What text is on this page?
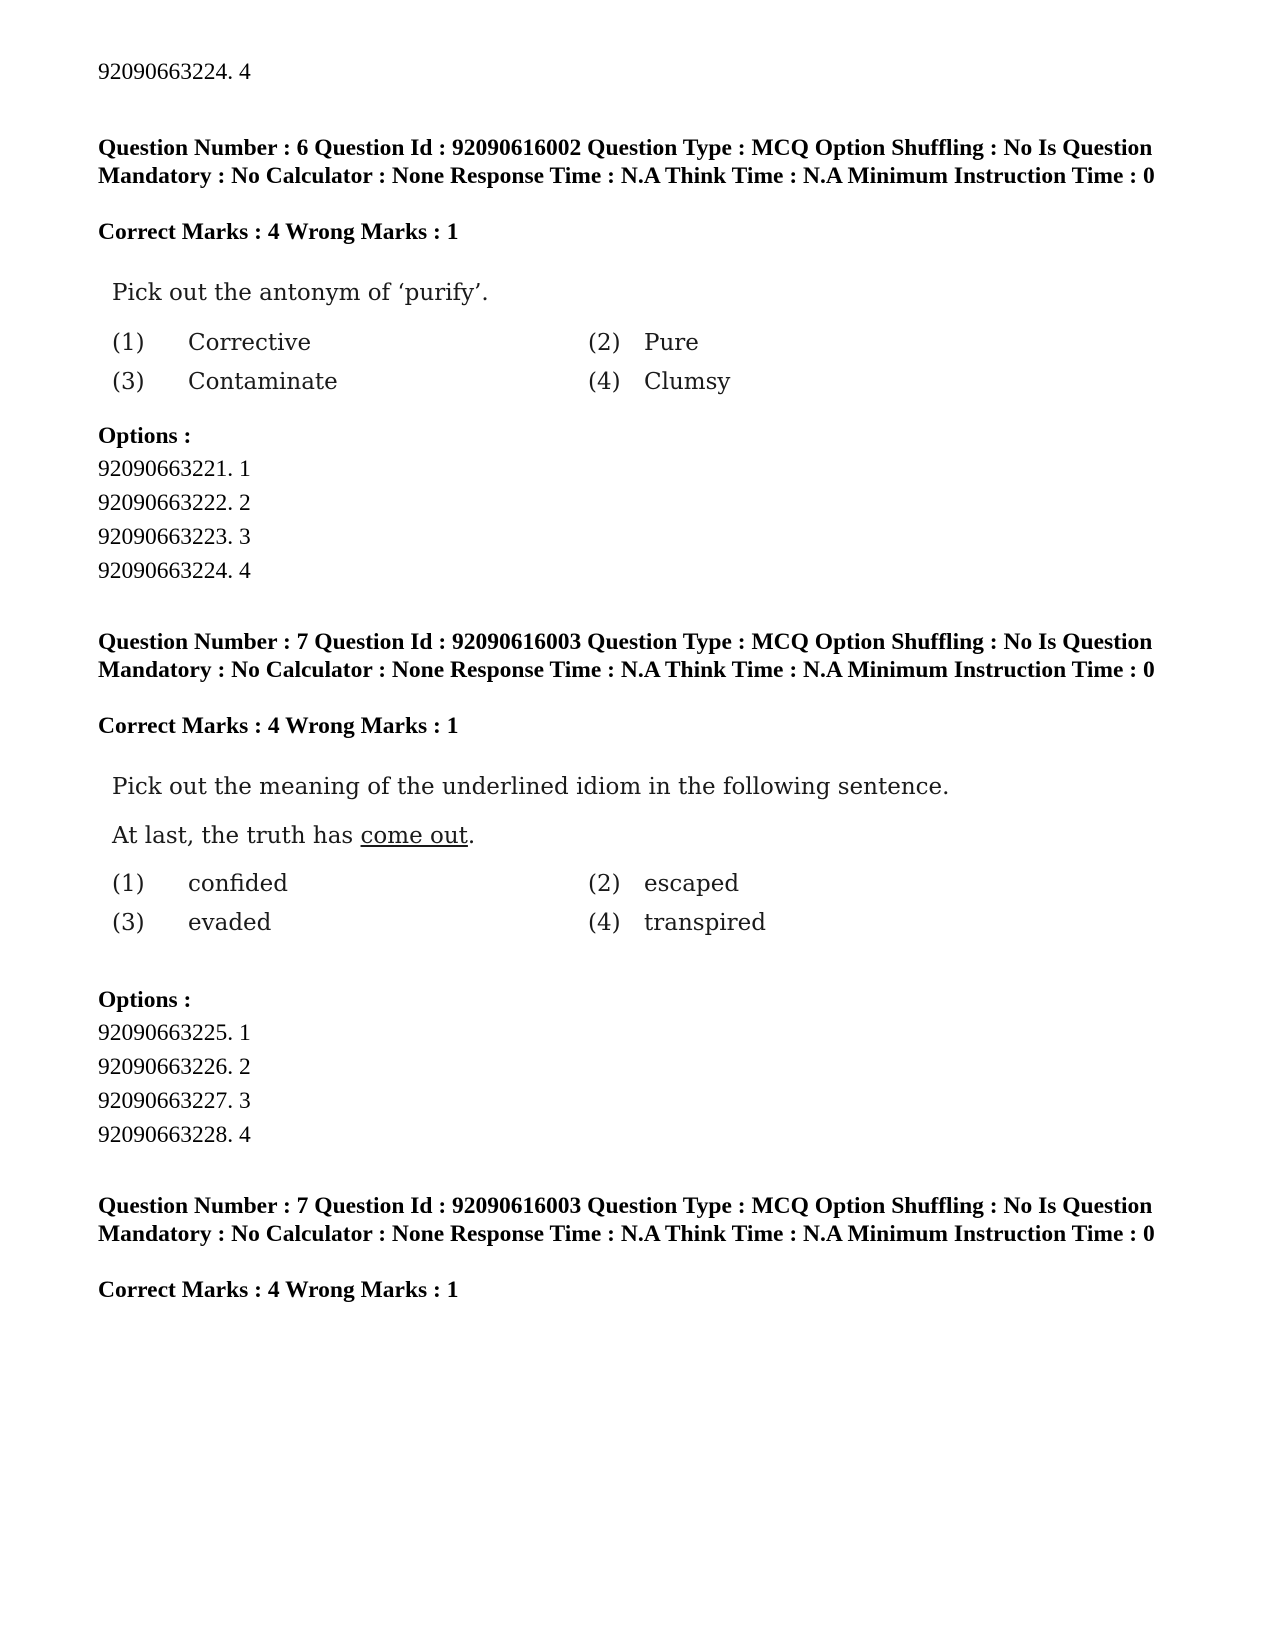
92090663224. 4
Question Number : 6 Question Id : 92090616002 Question Type : MCQ Option Shuffling : No Is Question Mandatory : No Calculator : None Response Time : N.A Think Time : N.A Minimum Instruction Time : 0
Correct Marks : 4 Wrong Marks : 1
Pick out the antonym of ‘purify’.
(1) Corrective	(2) Pure
(3) Contaminate	(4) Clumsy
Options :
92090663221. 1
92090663222. 2
92090663223. 3
92090663224. 4
Question Number : 7 Question Id : 92090616003 Question Type : MCQ Option Shuffling : No Is Question Mandatory : No Calculator : None Response Time : N.A Think Time : N.A Minimum Instruction Time : 0
Correct Marks : 4 Wrong Marks : 1
Pick out the meaning of the underlined idiom in the following sentence.
At last, the truth has come out.
(1) confided	(2) escaped
(3) evaded	(4) transpired
Options :
92090663225. 1
92090663226. 2
92090663227. 3
92090663228. 4
Question Number : 7 Question Id : 92090616003 Question Type : MCQ Option Shuffling : No Is Question Mandatory : No Calculator : None Response Time : N.A Think Time : N.A Minimum Instruction Time : 0
Correct Marks : 4 Wrong Marks : 1
